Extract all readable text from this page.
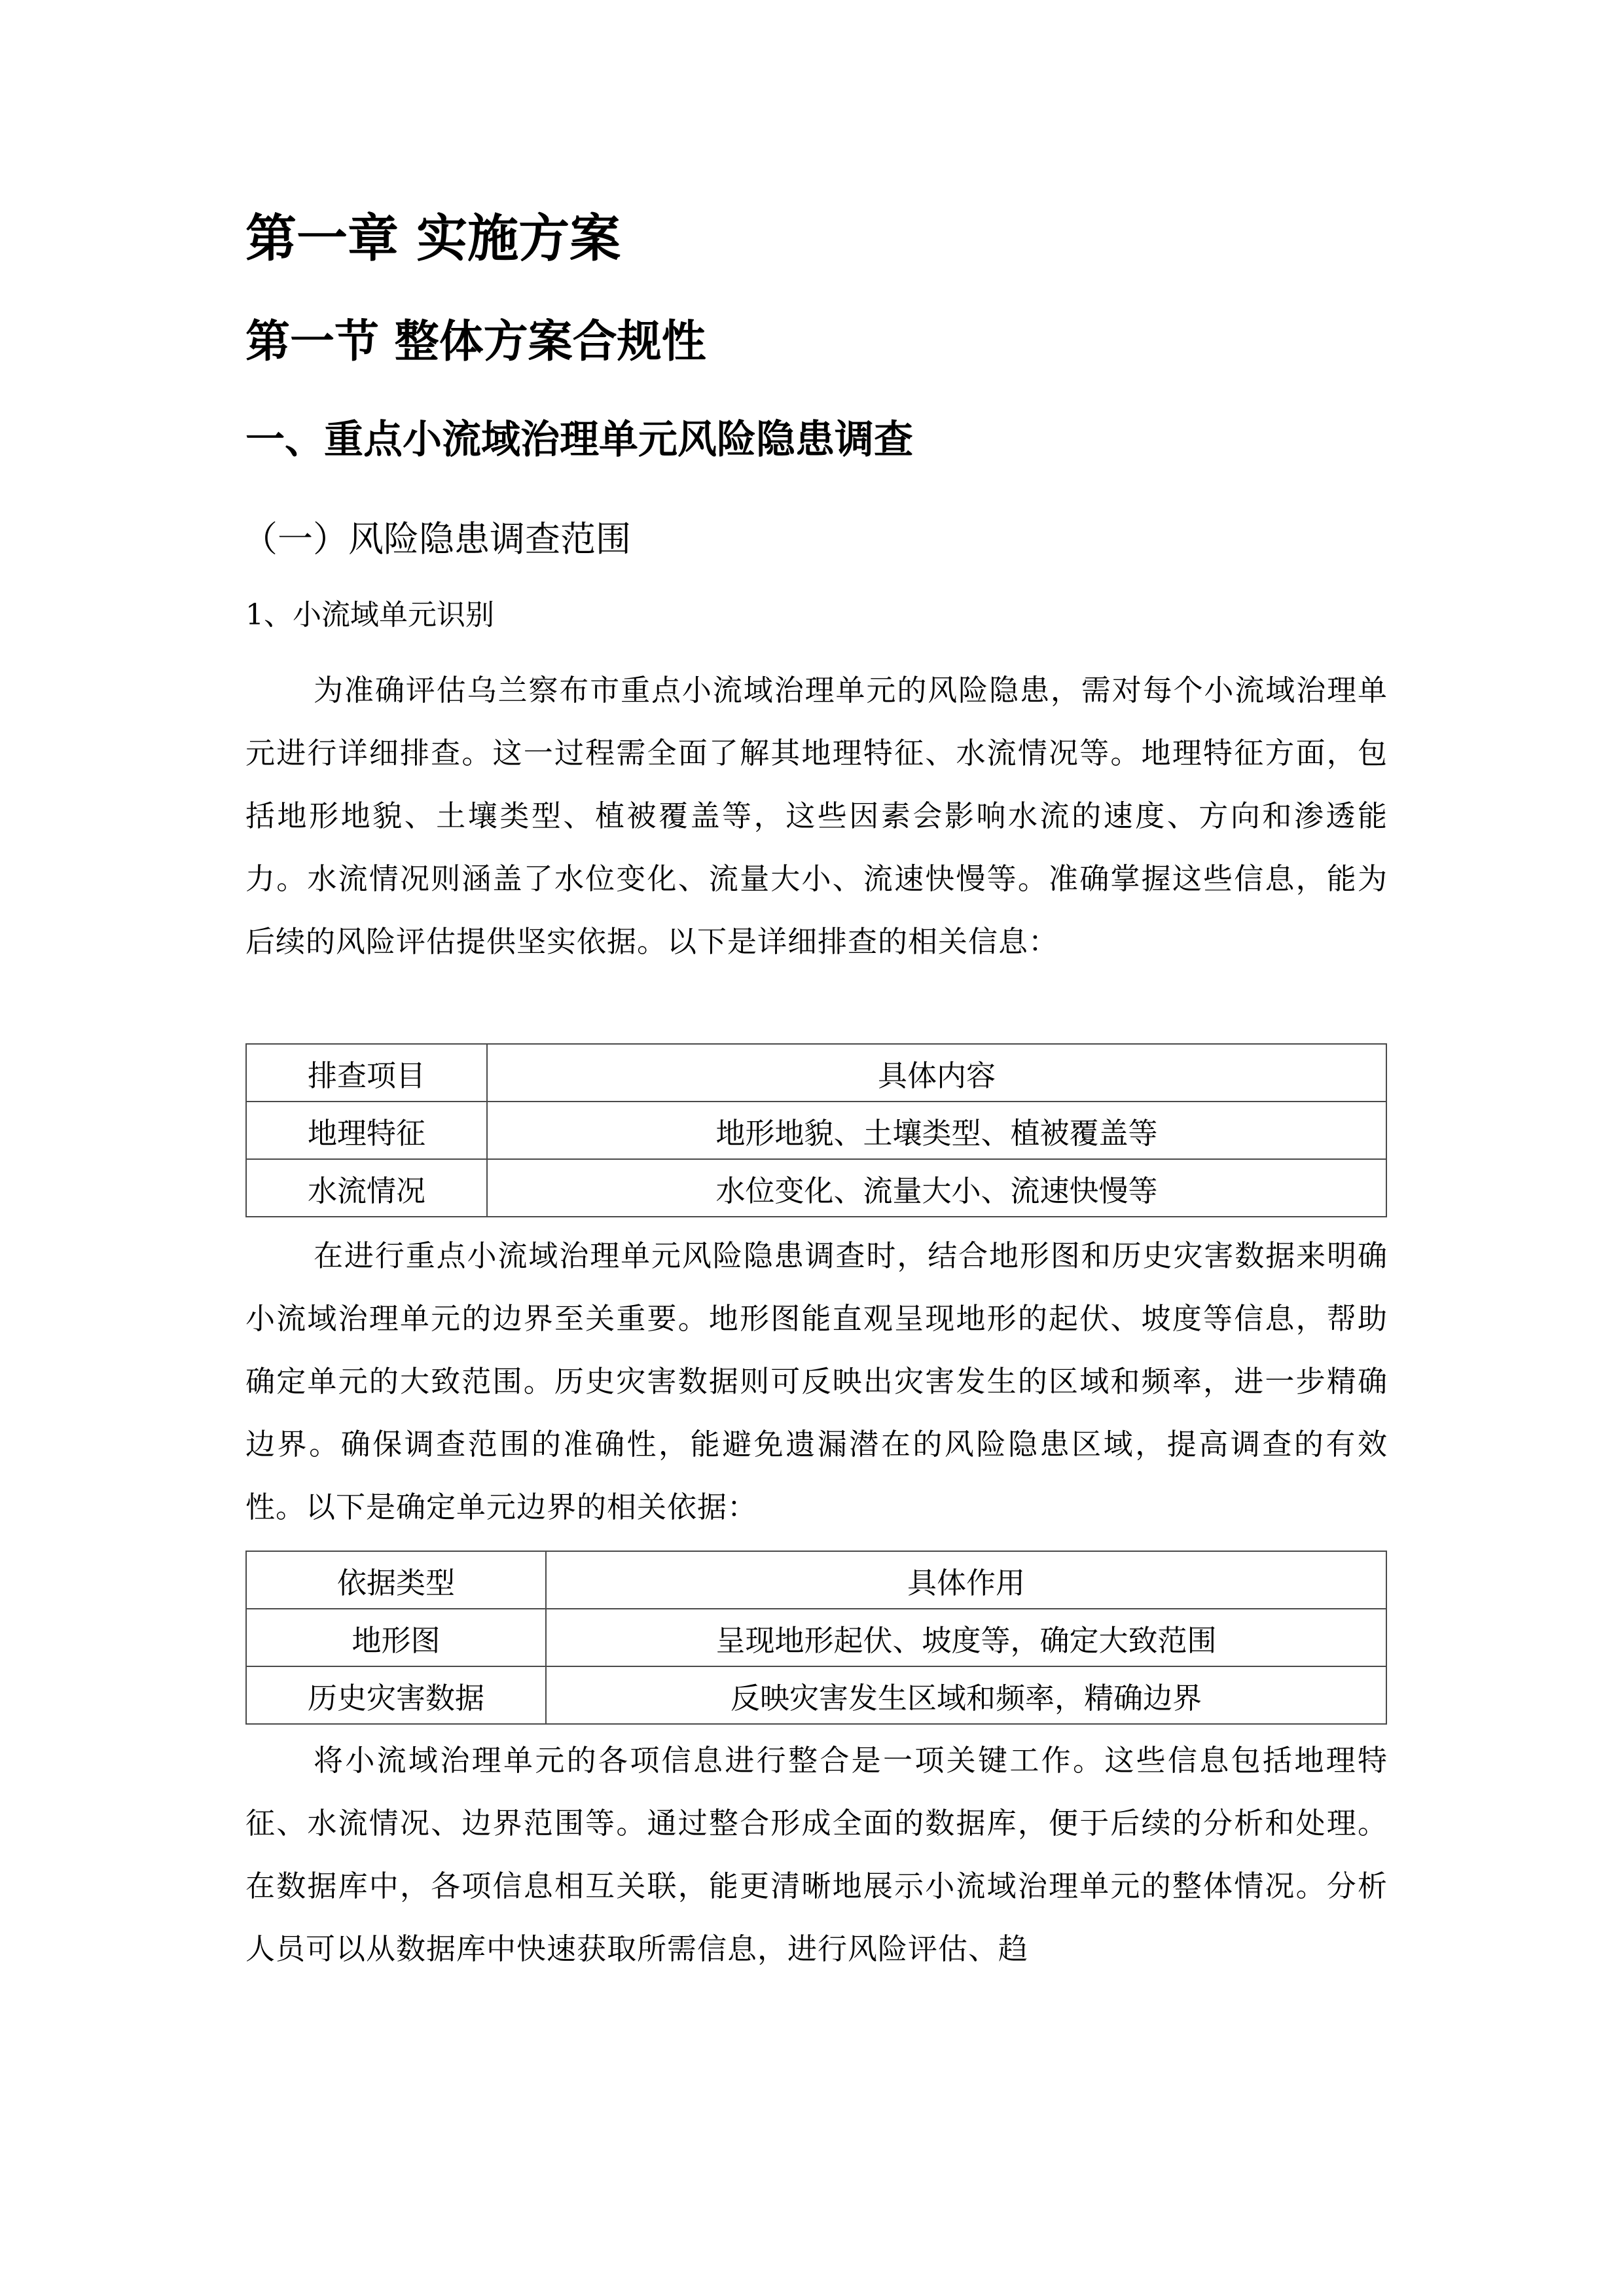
第一章 实施方案
第一节 整体方案合规性
一、重点小流域治理单元风险隐患调查
（一）风险隐患调查范围

1、小流域单元识别

为准确评估乌兰察布市重点小流域治理单元的风险隐患，需对每个小流域治理单元进行详细排查。这一过程需全面了解其地理特征、水流情况等。地理特征方面，包括地形地貌、土壤类型、植被覆盖等，这些因素会影响水流的速度、方向和渗透能力。水流情况则涵盖了水位变化、流量大小、流速快慢等。准确掌握这些信息，能为后续的风险评估提供坚实依据。以下是详细排查的相关信息：

排查项目	具体内容
地理特征	地形地貌、土壤类型、植被覆盖等
水流情况	水位变化、流量大小、流速快慢等

在进行重点小流域治理单元风险隐患调查时，结合地形图和历史灾害数据来明确小流域治理单元的边界至关重要。地形图能直观呈现地形的起伏、坡度等信息，帮助确定单元的大致范围。历史灾害数据则可反映出灾害发生的区域和频率，进一步精确边界。确保调查范围的准确性，能避免遗漏潜在的风险隐患区域，提高调查的有效性。以下是确定单元边界的相关依据：

依据类型	具体作用
地形图	呈现地形起伏、坡度等，确定大致范围
历史灾害数据	反映灾害发生区域和频率，精确边界

将小流域治理单元的各项信息进行整合是一项关键工作。这些信息包括地理特征、水流情况、边界范围等。通过整合形成全面的数据库，便于后续的分析和处理。在数据库中，各项信息相互关联，能更清晰地展示小流域治理单元的整体情况。分析人员可以从数据库中快速获取所需信息，进行风险评估、趋
